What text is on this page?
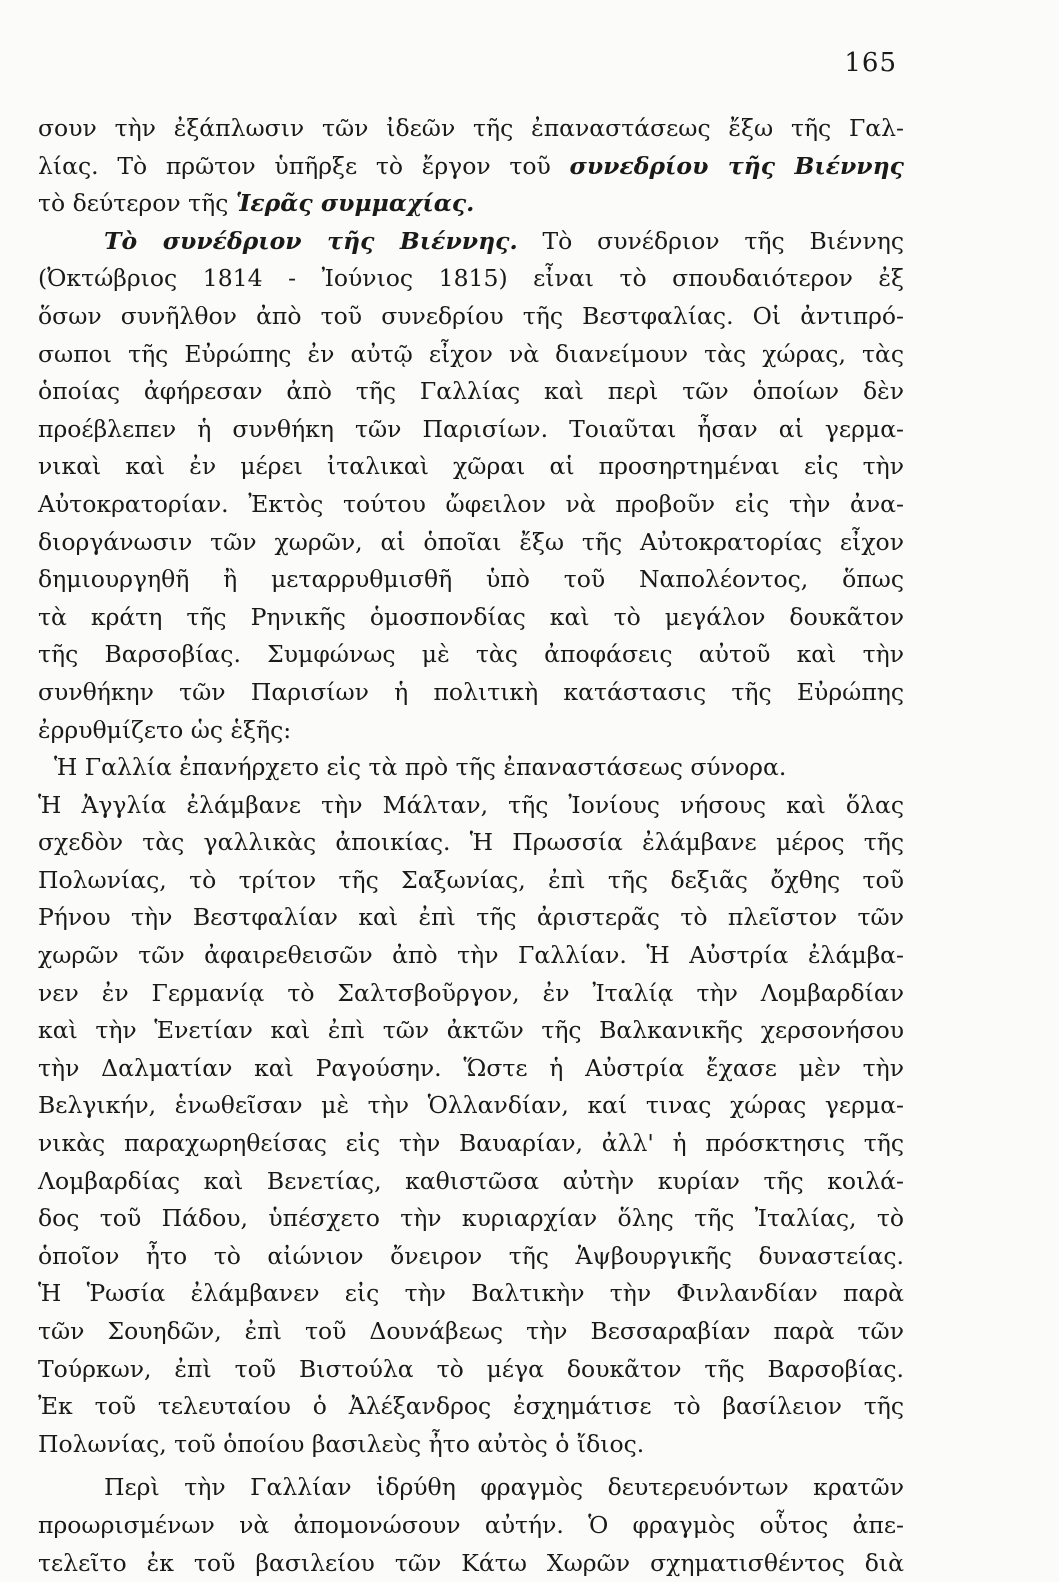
165
σουν τὴν ἐξάπλωσιν τῶν ἰδεῶν τῆς ἐπαναστάσεως ἔξω τῆς Γαλ-
λίας. Τὸ πρῶτον ὑπῆρξε τὸ ἔργον τοῦ συνεδρίου τῆς Βιέννης
τὸ δεύτερον τῆς Ἱερᾶς συμμαχίας.
Τὸ συνέδριον τῆς Βιέννης. Τὸ συνέδριον τῆς Βιέννης
(Ὀκτώβριος 1814 - Ἰούνιος 1815) εἶναι τὸ σπουδαιότερον ἐξ
ὅσων συνῆλθον ἀπὸ τοῦ συνεδρίου τῆς Βεστφαλίας. Οἱ ἀντιπρό-
σωποι τῆς Εὐρώπης ἐν αὐτῷ εἶχον νὰ διανείμουν τὰς χώρας, τὰς
ὁποίας ἀφήρεσαν ἀπὸ τῆς Γαλλίας καὶ περὶ τῶν ὁποίων δὲν
προέβλεπεν ἡ συνθήκη τῶν Παρισίων. Τοιαῦται ἦσαν αἱ γερμα-
νικαὶ καὶ ἐν μέρει ἰταλικαὶ χῶραι αἱ προσηρτημέναι εἰς τὴν
Αὐτοκρατορίαν. Ἐκτὸς τούτου ὤφειλον νὰ προβοῦν εἰς τὴν ἀνα-
διοργάνωσιν τῶν χωρῶν, αἱ ὁποῖαι ἔξω τῆς Αὐτοκρατορίας εἶχον
δημιουργηθῆ ἢ μεταρρυθμισθῆ ὑπὸ τοῦ Ναπολέοντος, ὅπως
τὰ κράτη τῆς Ρηνικῆς ὁμοσπονδίας καὶ τὸ μεγάλον δουκᾶτον
τῆς Βαρσοβίας. Συμφώνως μὲ τὰς ἀποφάσεις αὐτοῦ καὶ τὴν
συνθήκην τῶν Παρισίων ἡ πολιτικὴ κατάστασις τῆς Εὐρώπης
ἐρρυθμίζετο ὡς ἑξῆς:
Ἡ Γαλλία ἐπανήρχετο εἰς τὰ πρὸ τῆς ἐπαναστάσεως σύνορα.
Ἡ Ἀγγλία ἐλάμβανε τὴν Μάλταν, τῆς Ἰονίους νήσους καὶ ὅλας
σχεδὸν τὰς γαλλικὰς ἀποικίας. Ἡ Πρωσσία ἐλάμβανε μέρος τῆς
Πολωνίας, τὸ τρίτον τῆς Σαξωνίας, ἐπὶ τῆς δεξιᾶς ὄχθης τοῦ
Ρήνου τὴν Βεστφαλίαν καὶ ἐπὶ τῆς ἀριστερᾶς τὸ πλεῖστον τῶν
χωρῶν τῶν ἀφαιρεθεισῶν ἀπὸ τὴν Γαλλίαν. Ἡ Αὐστρία ἐλάμβα-
νεν ἐν Γερμανίᾳ τὸ Σαλτσβοῦργον, ἐν Ἰταλίᾳ τὴν Λομβαρδίαν
καὶ τὴν Ἑνετίαν καὶ ἐπὶ τῶν ἀκτῶν τῆς Βαλκανικῆς χερσονήσου
τὴν Δαλματίαν καὶ Ραγούσην. Ὥστε ἡ Αὐστρία ἔχασε μὲν τὴν
Βελγικήν, ἑνωθεῖσαν μὲ τὴν Ὁλλανδίαν, καί τινας χώρας γερμα-
νικὰς παραχωρηθείσας εἰς τὴν Βαυαρίαν, ἀλλ' ἡ πρόσκτησις τῆς
Λομβαρδίας καὶ Βενετίας, καθιστῶσα αὐτὴν κυρίαν τῆς κοιλά-
δος τοῦ Πάδου, ὑπέσχετο τὴν κυριαρχίαν ὅλης τῆς Ἰταλίας, τὸ
ὁποῖον ἦτο τὸ αἰώνιον ὄνειρον τῆς Ἁψβουργικῆς δυναστείας.
Ἡ Ῥωσία ἐλάμβανεν εἰς τὴν Βαλτικὴν τὴν Φινλανδίαν παρὰ
τῶν Σουηδῶν, ἐπὶ τοῦ Δουνάβεως τὴν Βεσσαραβίαν παρὰ τῶν
Τούρκων, ἐπὶ τοῦ Βιστούλα τὸ μέγα δουκᾶτον τῆς Βαρσοβίας.
Ἐκ τοῦ τελευταίου ὁ Ἀλέξανδρος ἐσχημάτισε τὸ βασίλειον τῆς
Πολωνίας, τοῦ ὁποίου βασιλεὺς ἦτο αὐτὸς ὁ ἴδιος.
Περὶ τὴν Γαλλίαν ἱδρύθη φραγμὸς δευτερευόντων κρατῶν
προωρισμένων νὰ ἀπομονώσουν αὐτήν. Ὁ φραγμὸς οὗτος ἀπε-
τελεῖτο ἐκ τοῦ βασιλείου τῶν Κάτω Χωρῶν σχηματισθέντος διὰ
